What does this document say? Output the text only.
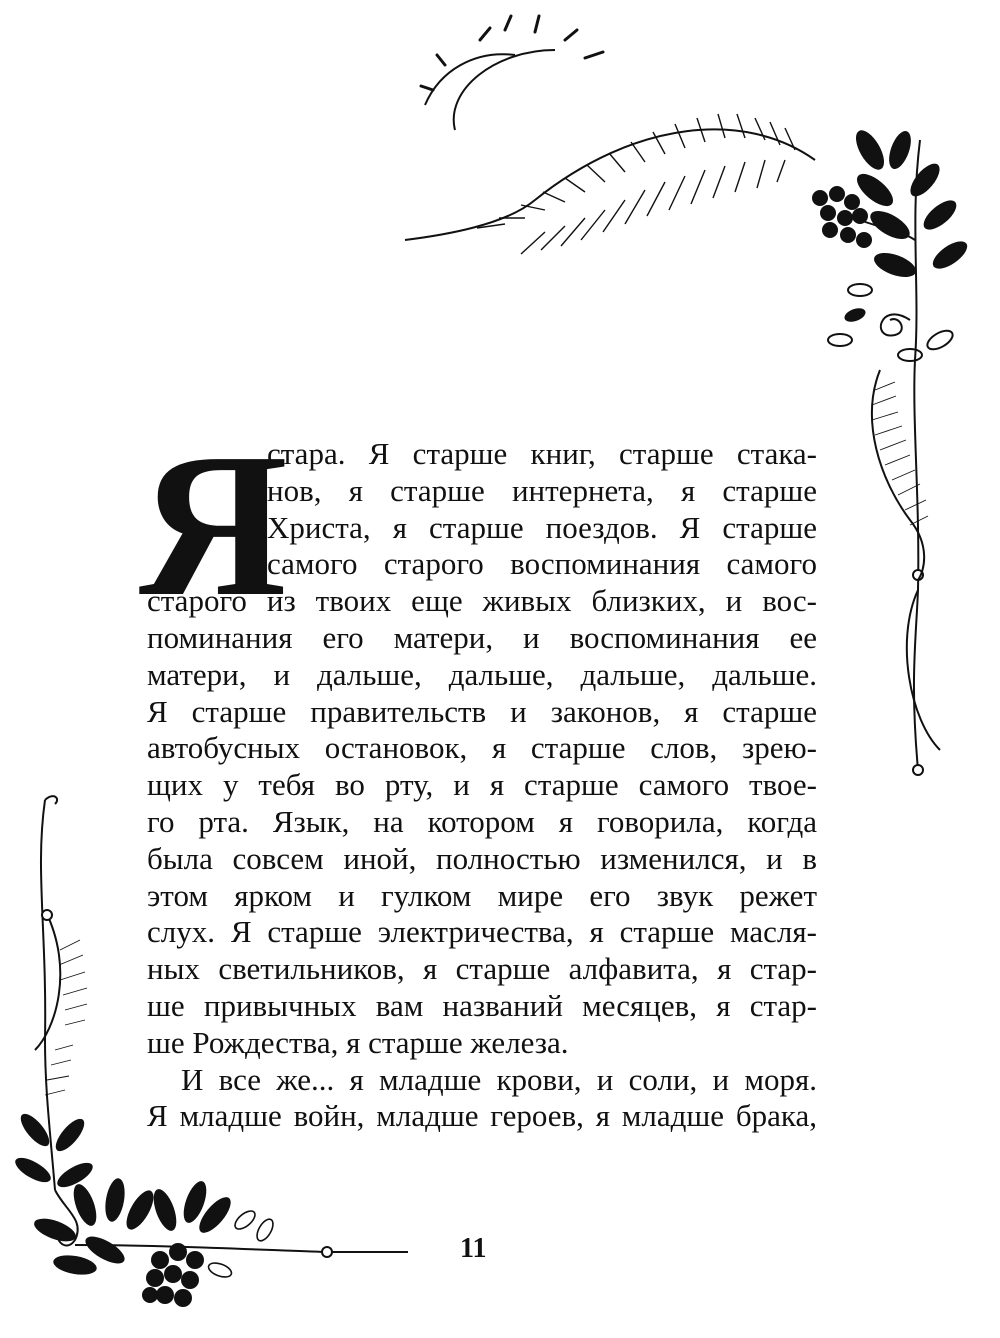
Я
стара. Я старше книг, старше стака-
нов, я старше интернета, я старше
Христа, я старше поездов. Я старше
самого старого воспоминания самого
старого из твоих еще живых близких, и вос-
поминания его матери, и воспоминания ее
матери, и дальше, дальше, дальше, дальше.
Я старше правительств и законов, я старше
автобусных остановок, я старше слов, зрею-
щих у тебя во рту, и я старше самого твое-
го рта. Язык, на котором я говорила, когда
была совсем иной, полностью изменился, и в
этом ярком и гулком мире его звук режет
слух. Я старше электричества, я старше масля-
ных светильников, я старше алфавита, я стар-
ше привычных вам названий месяцев, я стар-
ше Рождества, я старше железа.
И все же... я младше крови, и соли, и моря.
Я младше войн, младше героев, я младше брака,
11
